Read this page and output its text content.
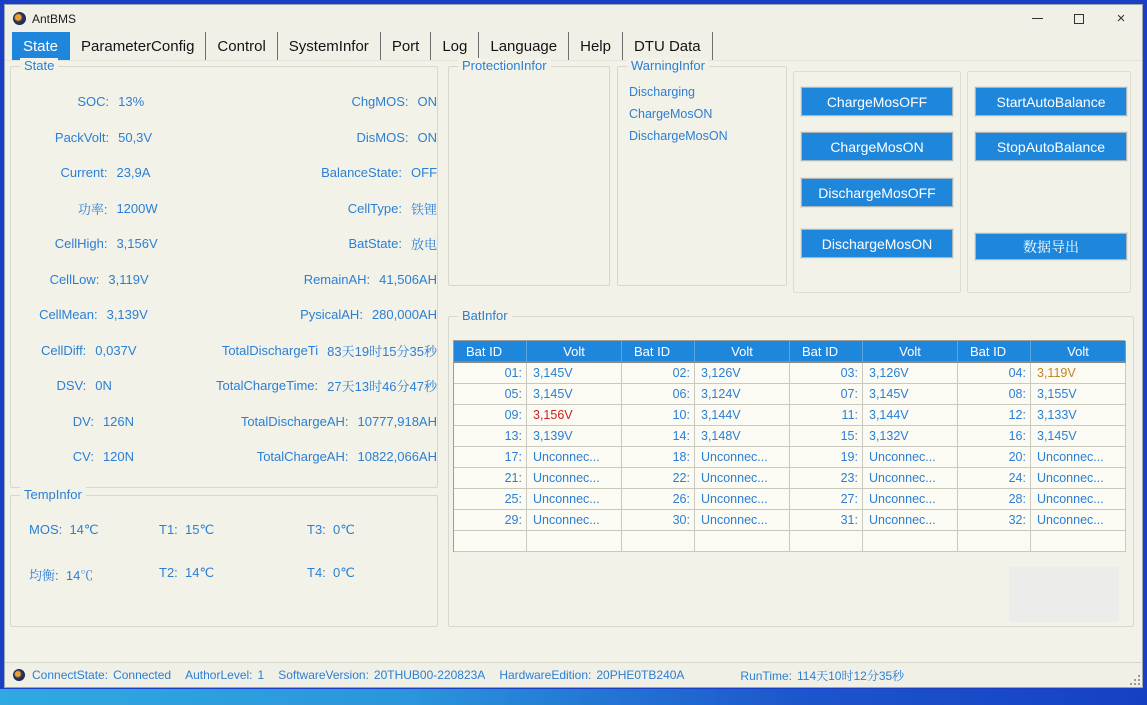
AntBMS	×
State	ParameterConfig	Control	SystemInfor	Port	Log	Language	Help	DTU Data
State
SOC: 13%	ChgMOS: ON
PackVolt: 50,3V	DisMOS: ON
Current: 23,9A	BalanceState: OFF
功率: 1200W	CellType: 铁锂
CellHigh: 3,156V	BatState: 放电
CellLow: 3,119V	RemainAH: 41,506AH
CellMean: 3,139V	PysicalAH: 280,000AH
CellDiff: 0,037V	TotalDischargeTi 83天19时15分35秒
DSV: 0N	TotalChargeTime: 27天13时46分47秒
DV: 126N	TotalDischargeAH: 10777,918AH
CV: 120N	TotalChargeAH: 10822,066AH
TempInfor
MOS:  14℃	T1:  15℃	T3:  0℃
均衡:  14℃	T2:  14℃	T4:  0℃
ProtectionInfor	WarningInfor
Discharging
ChargeMosON
DischargeMosON
ChargeMosOFF
ChargeMosON
DischargeMosOFF
DischargeMosON
StartAutoBalance
StopAutoBalance
数据导出
BatInfor
Bat ID	Volt	Bat ID	Volt	Bat ID	Volt	Bat ID	Volt
01: 3,145V	02: 3,126V	03: 3,126V	04: 3,119V
05: 3,145V	06: 3,124V	07: 3,145V	08: 3,155V
09: 3,156V	10: 3,144V	11: 3,144V	12: 3,133V
13: 3,139V	14: 3,148V	15: 3,132V	16: 3,145V
17: Unconnec...	18: Unconnec...	19: Unconnec...	20: Unconnec...
21: Unconnec...	22: Unconnec...	23: Unconnec...	24: Unconnec...
25: Unconnec...	26: Unconnec...	27: Unconnec...	28: Unconnec...
29: Unconnec...	30: Unconnec...	31: Unconnec...	32: Unconnec...
ConnectState: Connected AuthorLevel: 1 SoftwareVersion: 20THUB00-220823A HardwareEdition: 20PHE0TB240A	RunTime: 114天10时12分35秒
